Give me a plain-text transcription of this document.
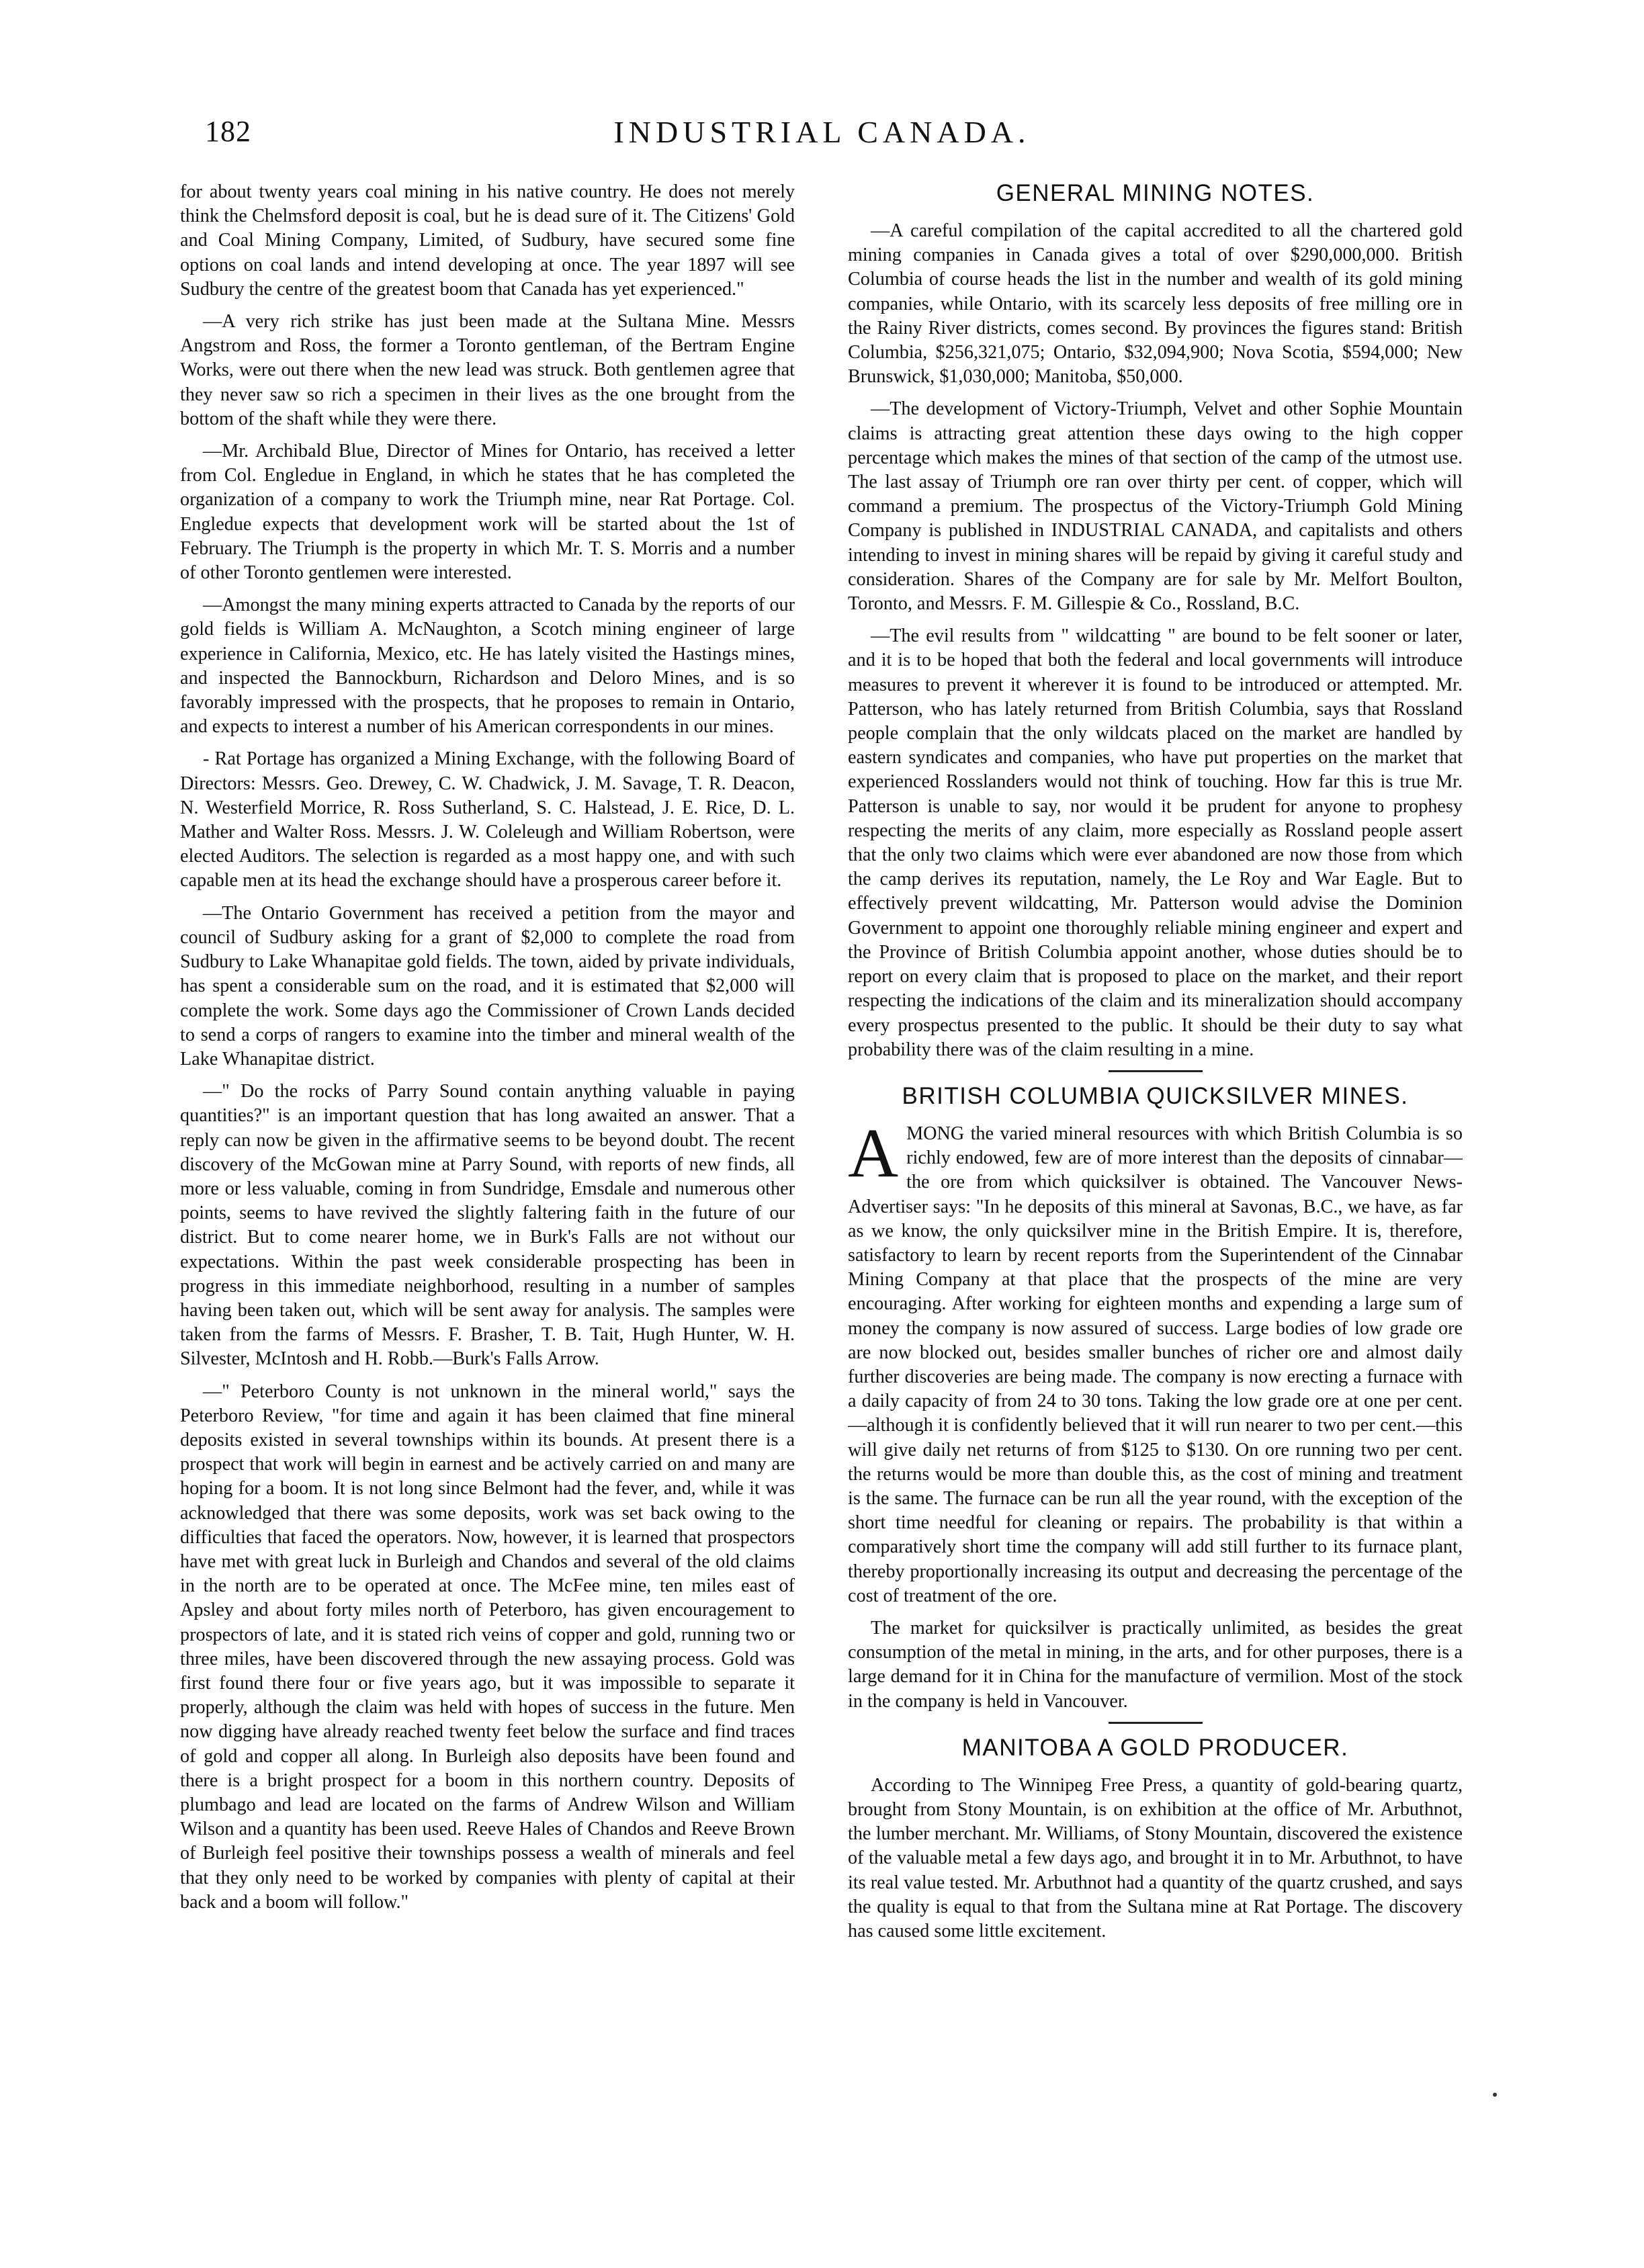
182	INDUSTRIAL CANADA.

for about twenty years coal mining in his native country. He does not merely think the Chelmsford deposit is coal, but he is dead sure of it. The Citizens' Gold and Coal Mining Company, Limited, of Sudbury, have secured some fine options on coal lands and intend developing at once. The year 1897 will see Sudbury the centre of the greatest boom that Canada has yet experienced."

—A very rich strike has just been made at the Sultana Mine. Messrs Angstrom and Ross, the former a Toronto gentleman, of the Bertram Engine Works, were out there when the new lead was struck. Both gentlemen agree that they never saw so rich a specimen in their lives as the one brought from the bottom of the shaft while they were there.

—Mr. Archibald Blue, Director of Mines for Ontario, has received a letter from Col. Engledue in England, in which he states that he has completed the organization of a company to work the Triumph mine, near Rat Portage. Col. Engledue expects that development work will be started about the 1st of February. The Triumph is the property in which Mr. T. S. Morris and a number of other Toronto gentlemen were interested.

—Amongst the many mining experts attracted to Canada by the reports of our gold fields is William A. McNaughton, a Scotch mining engineer of large experience in California, Mexico, etc. He has lately visited the Hastings mines, and inspected the Bannockburn, Richardson and Deloro Mines, and is so favorably impressed with the prospects, that he proposes to remain in Ontario, and expects to interest a number of his American correspondents in our mines.

- Rat Portage has organized a Mining Exchange, with the following Board of Directors: Messrs. Geo. Drewey, C. W. Chadwick, J. M. Savage, T. R. Deacon, N. Westerfield Morrice, R. Ross Sutherland, S. C. Halstead, J. E. Rice, D. L. Mather and Walter Ross. Messrs. J. W. Coleleugh and William Robertson, were elected Auditors. The selection is regarded as a most happy one, and with such capable men at its head the exchange should have a prosperous career before it.

—The Ontario Government has received a petition from the mayor and council of Sudbury asking for a grant of $2,000 to complete the road from Sudbury to Lake Whanapitae gold fields. The town, aided by private individuals, has spent a considerable sum on the road, and it is estimated that $2,000 will complete the work. Some days ago the Commissioner of Crown Lands decided to send a corps of rangers to examine into the timber and mineral wealth of the Lake Whanapitae district.

—" Do the rocks of Parry Sound contain anything valuable in paying quantities?" is an important question that has long awaited an answer. That a reply can now be given in the affirmative seems to be beyond doubt. The recent discovery of the McGowan mine at Parry Sound, with reports of new finds, all more or less valuable, coming in from Sundridge, Emsdale and numerous other points, seems to have revived the slightly faltering faith in the future of our district. But to come nearer home, we in Burk's Falls are not without our expectations. Within the past week considerable prospecting has been in progress in this immediate neighborhood, resulting in a number of samples having been taken out, which will be sent away for analysis. The samples were taken from the farms of Messrs. F. Brasher, T. B. Tait, Hugh Hunter, W. H. Silvester, McIntosh and H. Robb.—Burk's Falls Arrow.

—" Peterboro County is not unknown in the mineral world," says the Peterboro Review, "for time and again it has been claimed that fine mineral deposits existed in several townships within its bounds. At present there is a prospect that work will begin in earnest and be actively carried on and many are hoping for a boom. It is not long since Belmont had the fever, and, while it was acknowledged that there was some deposits, work was set back owing to the difficulties that faced the operators. Now, however, it is learned that prospectors have met with great luck in Burleigh and Chandos and several of the old claims in the north are to be operated at once. The McFee mine, ten miles east of Apsley and about forty miles north of Peterboro, has given encouragement to prospectors of late, and it is stated rich veins of copper and gold, running two or three miles, have been discovered through the new assaying process. Gold was first found there four or five years ago, but it was impossible to separate it properly, although the claim was held with hopes of success in the future. Men now digging have already reached twenty feet below the surface and find traces of gold and copper all along. In Burleigh also deposits have been found and there is a bright prospect for a boom in this northern country. Deposits of plumbago and lead are located on the farms of Andrew Wilson and William Wilson and a quantity has been used. Reeve Hales of Chandos and Reeve Brown of Burleigh feel positive their townships possess a wealth of minerals and feel that they only need to be worked by companies with plenty of capital at their back and a boom will follow."

GENERAL MINING NOTES.

—A careful compilation of the capital accredited to all the chartered gold mining companies in Canada gives a total of over $290,000,000. British Columbia of course heads the list in the number and wealth of its gold mining companies, while Ontario, with its scarcely less deposits of free milling ore in the Rainy River districts, comes second. By provinces the figures stand: British Columbia, $256,321,075; Ontario, $32,094,900; Nova Scotia, $594,000; New Brunswick, $1,030,000; Manitoba, $50,000.

—The development of Victory-Triumph, Velvet and other Sophie Mountain claims is attracting great attention these days owing to the high copper percentage which makes the mines of that section of the camp of the utmost use. The last assay of Triumph ore ran over thirty per cent. of copper, which will command a premium. The prospectus of the Victory-Triumph Gold Mining Company is published in INDUSTRIAL CANADA, and capitalists and others intending to invest in mining shares will be repaid by giving it careful study and consideration. Shares of the Company are for sale by Mr. Melfort Boulton, Toronto, and Messrs. F. M. Gillespie & Co., Rossland, B.C.

—The evil results from " wildcatting " are bound to be felt sooner or later, and it is to be hoped that both the federal and local governments will introduce measures to prevent it wherever it is found to be introduced or attempted. Mr. Patterson, who has lately returned from British Columbia, says that Rossland people complain that the only wildcats placed on the market are handled by eastern syndicates and companies, who have put properties on the market that experienced Rosslanders would not think of touching. How far this is true Mr. Patterson is unable to say, nor would it be prudent for anyone to prophesy respecting the merits of any claim, more especially as Rossland people assert that the only two claims which were ever abandoned are now those from which the camp derives its reputation, namely, the Le Roy and War Eagle. But to effectively prevent wildcatting, Mr. Patterson would advise the Dominion Government to appoint one thoroughly reliable mining engineer and expert and the Province of British Columbia appoint another, whose duties should be to report on every claim that is proposed to place on the market, and their report respecting the indications of the claim and its mineralization should accompany every prospectus presented to the public. It should be their duty to say what probability there was of the claim resulting in a mine.

BRITISH COLUMBIA QUICKSILVER MINES.

AMONG the varied mineral resources with which British Columbia is so richly endowed, few are of more interest than the deposits of cinnabar—the ore from which quicksilver is obtained. The Vancouver News-Advertiser says: "In he deposits of this mineral at Savonas, B.C., we have, as far as we know, the only quicksilver mine in the British Empire. It is, therefore, satisfactory to learn by recent reports from the Superintendent of the Cinnabar Mining Company at that place that the prospects of the mine are very encouraging. After working for eighteen months and expending a large sum of money the company is now assured of success. Large bodies of low grade ore are now blocked out, besides smaller bunches of richer ore and almost daily further discoveries are being made. The company is now erecting a furnace with a daily capacity of from 24 to 30 tons. Taking the low grade ore at one per cent.—although it is confidently believed that it will run nearer to two per cent.—this will give daily net returns of from $125 to $130. On ore running two per cent. the returns would be more than double this, as the cost of mining and treatment is the same. The furnace can be run all the year round, with the exception of the short time needful for cleaning or repairs. The probability is that within a comparatively short time the company will add still further to its furnace plant, thereby proportionally increasing its output and decreasing the percentage of the cost of treatment of the ore.

The market for quicksilver is practically unlimited, as besides the great consumption of the metal in mining, in the arts, and for other purposes, there is a large demand for it in China for the manufacture of vermilion. Most of the stock in the company is held in Vancouver.

MANITOBA A GOLD PRODUCER.

According to The Winnipeg Free Press, a quantity of gold-bearing quartz, brought from Stony Mountain, is on exhibition at the office of Mr. Arbuthnot, the lumber merchant. Mr. Williams, of Stony Mountain, discovered the existence of the valuable metal a few days ago, and brought it in to Mr. Arbuthnot, to have its real value tested. Mr. Arbuthnot had a quantity of the quartz crushed, and says the quality is equal to that from the Sultana mine at Rat Portage. The discovery has caused some little excitement.
